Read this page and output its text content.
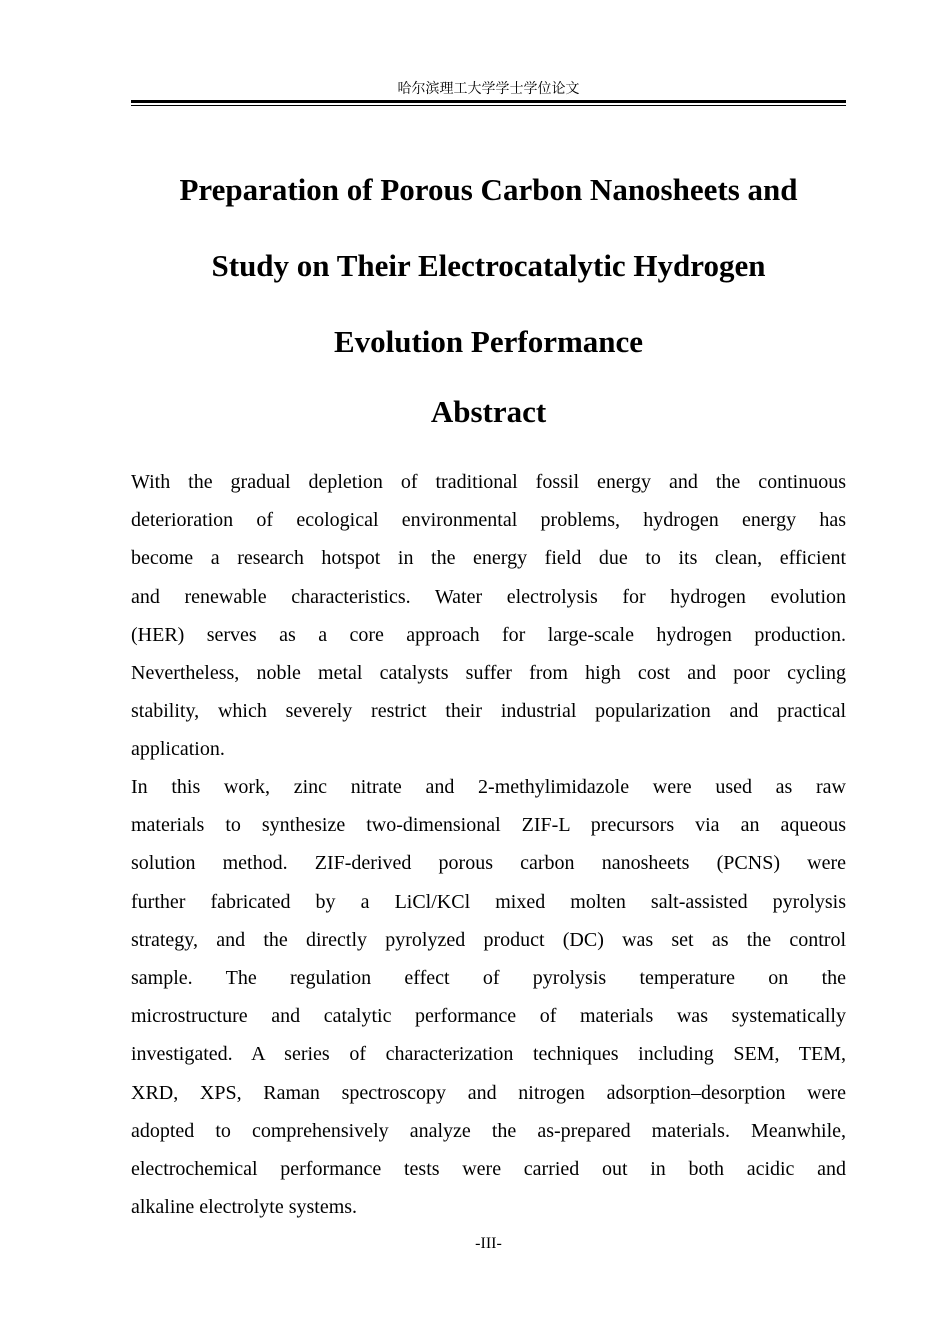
哈尔滨理工大学学士学位论文
Preparation of Porous Carbon Nanosheets and
Study on Their Electrocatalytic Hydrogen
Evolution Performance
Abstract
With the gradual depletion of traditional fossil energy and the continuous
deterioration of ecological environmental problems, hydrogen energy has
become a research hotspot in the energy field due to its clean, efficient
and renewable characteristics. Water electrolysis for hydrogen evolution
(HER) serves as a core approach for large-scale hydrogen production.
Nevertheless, noble metal catalysts suffer from high cost and poor cycling
stability, which severely restrict their industrial popularization and practical
application.
In this work, zinc nitrate and 2-methylimidazole were used as raw
materials to synthesize two-dimensional ZIF-L precursors via an aqueous
solution method. ZIF-derived porous carbon nanosheets (PCNS) were
further fabricated by a LiCl/KCl mixed molten salt-assisted pyrolysis
strategy, and the directly pyrolyzed product (DC) was set as the control
sample. The regulation effect of pyrolysis temperature on the
microstructure and catalytic performance of materials was systematically
investigated. A series of characterization techniques including SEM, TEM,
XRD, XPS, Raman spectroscopy and nitrogen adsorption–desorption were
adopted to comprehensively analyze the as-prepared materials. Meanwhile,
electrochemical performance tests were carried out in both acidic and
alkaline electrolyte systems.
-III-
